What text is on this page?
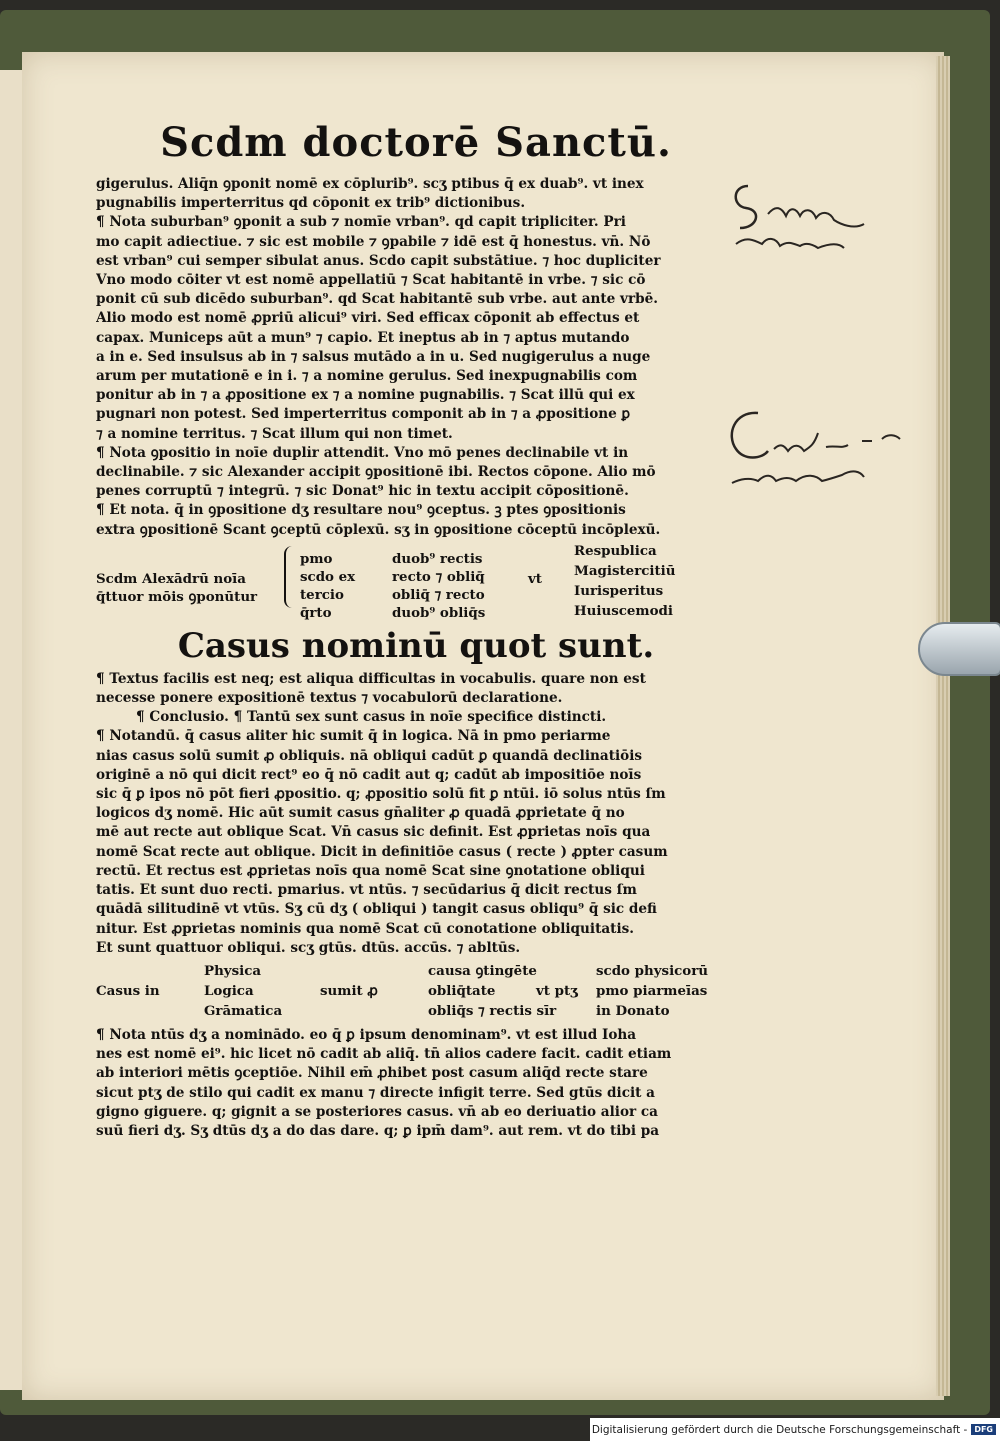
Scdm doctorē Sanctū.
gigerulus. Aliq̄n ꝯponit nomē ex cōplurib⁹. scʒ ptibus q̄ ex duab⁹. vt inex
pugnabilis imperterritus qd cōponit ex trib⁹ dictionibus.
¶ Nota suburban⁹ ꝯponit a sub ⁊ nomīe vrban⁹. qd capit tripliciter. Pri
mo capit adiectiue. ⁊ sic est mobile ⁊ ꝯpabile ⁊ idē est q̄ honestus. vn̄. Nō
est vrban⁹ cui semper sibulat anus. Scdo capit substātiue. ⁊ hoc dupliciter
Vno modo cōiter vt est nomē appellatiū ⁊ Scat habitantē in vrbe. ⁊ sic cō
ponit cū sub dicēdo suburban⁹. qd Scat habitantē sub vrbe. aut ante vrbē.
Alio modo est nomē ꝓpriū alicui⁹ viri. Sed efficax cōponit ab effectus et
capax. Municeps aūt a mun⁹ ⁊ capio. Et ineptus ab in ⁊ aptus mutando
a in e. Sed insulsus ab in ⁊ salsus mutādo a in u. Sed nugigerulus a nuge
arum per mutationē e in i. ⁊ a nomine gerulus. Sed inexpugnabilis com
ponitur ab in ⁊ a ꝓpositione ex ⁊ a nomine pugnabilis. ⁊ Scat illū qui ex
pugnari non potest. Sed imperterritus componit ab in ⁊ a ꝓpositione ꝑ
⁊ a nomine territus. ⁊ Scat illum qui non timet.
¶ Nota ꝯpositio in noīe dupli̇r attendit. Vno mō penes declinabile vt in
declinabile. ⁊ sic Alexander accipit ꝯpositionē ibi. Rectos cōpone. Alio mō
penes corruptū ⁊ integrū. ⁊ sic Donat⁹ hic in textu accipit cōpositionē.
¶ Et nota. q̄ in ꝯpositione dʒ resultare nou⁹ ꝯceptus. ꝫ ptes ꝯpositionis
extra ꝯpositionē Scant ꝯceptū cōplexū. sʒ in ꝯpositione cōceptū incōplexū.
Scdm Alexādrū noīa
q̄ttuor mōis ꝯponūtur
pmo
scdo ex
tercio
q̄rto
duob⁹ rectis
recto ⁊ obliq̄
obliq̄ ⁊ recto
duob⁹ obliq̄s
vt
Respublica
Magistercitiū
Iurisperitus
Huiuscemodi
Casus nominū quot sunt.
¶ Textus facilis est neq; est aliqua difficultas in vocabulis. quare non est
necesse ponere expositionē textus ⁊ vocabulorū declaratione.
¶ Conclusio. ¶ Tantū sex sunt casus in noīe specifice distincti.
¶ Notandū. q̄ casus aliter hic sumit q̄ in logica. Nā in pmo periarme
nias casus solū sumit ꝓ obliquis. nā obliqui cadūt ꝑ quandā declinatiōis
originē a nō qui dicit rect⁹ eo q̄ nō cadit aut q; cadūt ab impositiōe noīs
sic q̄ ꝑ ipos nō pōt fieri ꝓpositio. q; ꝓpositio solū fit ꝑ ntūi. iō solus ntūs ſm
logicos dʒ nomē. Hic aūt sumit casus gn̄aliter ꝓ quadā ꝓprietate q̄ no
mē aut recte aut oblique Scat. Vn̄ casus sic definit. Est ꝓprietas noīs qua
nomē Scat recte aut oblique. Dicit in definitiōe casus ( recte ) ꝓpter casum
rectū. Et rectus est ꝓprietas noīs qua nomē Scat sine ꝯnotatione obliqui
tatis. Et sunt duo recti. pmarius. vt ntūs. ⁊ secūdarius q̄ dicit rectus ſm
quādā silitudinē vt vtūs. Sʒ cū dʒ ( obliqui ) tangit casus obliqu⁹ q̄ sic defi
nitur. Est ꝓprietas nominis qua nomē Scat cū conotatione obliquitatis.
Et sunt quattuor obliqui. scʒ gtūs. dtūs. accūs. ⁊ abltūs.
Casus in
Physica
Logica
Grāmatica
sumit ꝓ
causa ꝯtingēte
obliq̄tate
obliq̄s ⁊ rectis sīr
vt ptʒ
scdo physicorū
pmo piarmeīas
in Donato
¶ Nota ntūs dʒ a nominādo. eo q̄ ꝑ ipsum denominam⁹. vt est illud Ioha
nes est nomē ei⁹. hic licet nō cadit ab aliq̄. tn̄ alios cadere facit. cadit etiam
ab interiori mētis ꝯceptiōe. Nihil em̄ ꝓhibet post casum aliq̄d recte stare
sicut ptʒ de stilo qui cadit ex manu ⁊ directe infigit terre. Sed gtūs dicit a
gigno giguere. q; gignit a se posteriores casus. vn̄ ab eo deriuatio alior ca
suū fieri dʒ. Sʒ dtūs dʒ a do das dare. q; ꝑ ipm̄ dam⁹. aut rem. vt do tibi pa
Digitalisierung gefördert durch die Deutsche Forschungsgemeinschaft - DFG
